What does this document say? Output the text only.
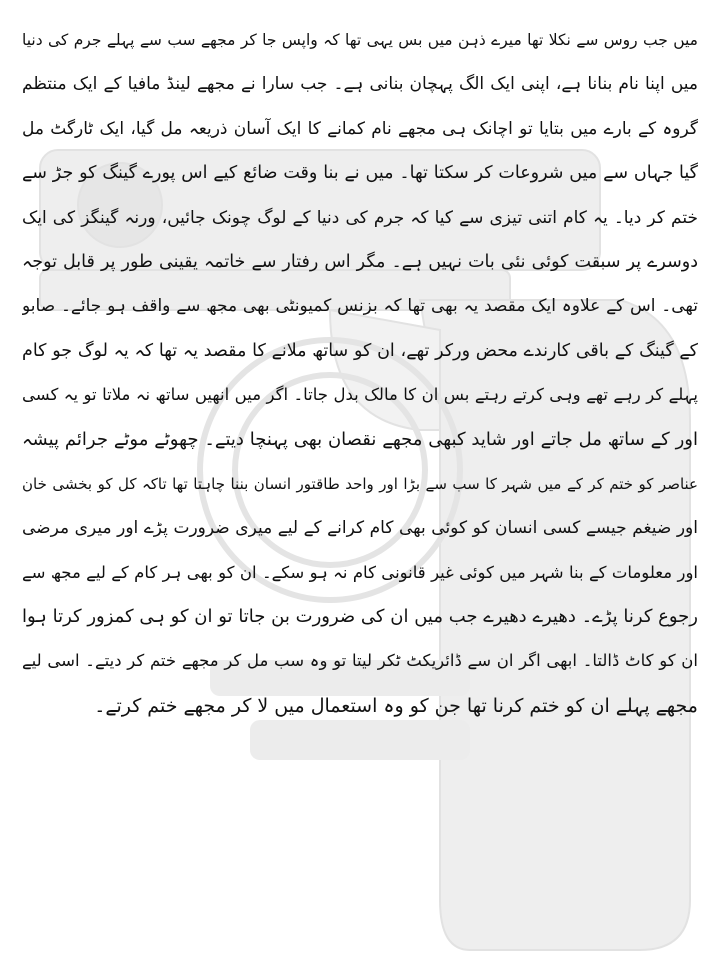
میں جب روس سے نکلا تھا میرے ذہن میں بس یہی تھا کہ واپس جا کر مجھے سب سے پہلے جرم کی دنیا
میں اپنا نام بنانا ہے، اپنی ایک الگ پہچان بنانی ہے۔ جب سارا نے مجھے لینڈ مافیا کے ایک منتظم
گروہ کے بارے میں بتایا تو اچانک ہی مجھے نام کمانے کا ایک آسان ذریعہ مل گیا، ایک ٹارگٹ مل
گیا جہاں سے میں شروعات کر سکتا تھا۔ میں نے بنا وقت ضائع کیے اس پورے گینگ کو جڑ سے
ختم کر دیا۔ یہ کام اتنی تیزی سے کیا کہ جرم کی دنیا کے لوگ چونک جائیں، ورنہ گینگز کی ایک
دوسرے پر سبقت کوئی نئی بات نہیں ہے۔ مگر اس رفتار سے خاتمہ یقینی طور پر قابل توجہ
تھی۔ اس کے علاوہ ایک مقصد یہ بھی تھا کہ بزنس کمیونٹی بھی مجھ سے واقف ہو جائے۔ صابو
کے گینگ کے باقی کارندے محض ورکر تھے، ان کو ساتھ ملانے کا مقصد یہ تھا کہ یہ لوگ جو کام
پہلے کر رہے تھے وہی کرتے رہتے بس ان کا مالک بدل جاتا۔ اگر میں انھیں ساتھ نہ ملاتا تو یہ کسی
اور کے ساتھ مل جاتے اور شاید کبھی مجھے نقصان بھی پہنچا دیتے۔ چھوٹے موٹے جرائم پیشہ
عناصر کو ختم کر کے میں شہر کا سب سے بڑا اور واحد طاقتور انسان بننا چاہتا تھا تاکہ کل کو بخشی خان
اور ضیغم جیسے کسی انسان کو کوئی بھی کام کرانے کے لیے میری ضرورت پڑے اور میری مرضی
اور معلومات کے بنا شہر میں کوئی غیر قانونی کام نہ ہو سکے۔ ان کو بھی ہر کام کے لیے مجھ سے
رجوع کرنا پڑے۔ دھیرے دھیرے جب میں ان کی ضرورت بن جاتا تو ان کو ہی کمزور کرتا ہوا
ان کو کاٹ ڈالتا۔ ابھی اگر ان سے ڈائریکٹ ٹکر لیتا تو وہ سب مل کر مجھے ختم کر دیتے۔ اسی لیے
مجھے پہلے ان کو ختم کرنا تھا جن کو وہ استعمال میں لا کر مجھے ختم کرتے۔
